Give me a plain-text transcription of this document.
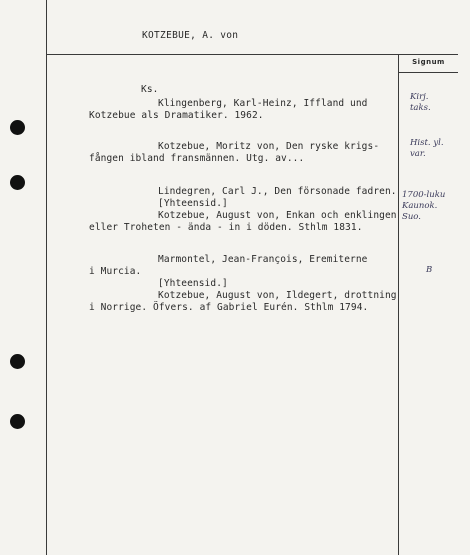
Signum
KOTZEBUE, A. von
Ks.
Klingenberg, Karl-Heinz, Iffland und
Kotzebue als Dramatiker. 1962.
Kotzebue, Moritz von, Den ryske krigs-
fången ibland fransmännen. Utg. av...
Lindegren, Carl J., Den försonade fadren.
[Yhteensid.]
Kotzebue, August von, Enkan och enklingen
eller Troheten - ända - in i döden. Sthlm 1831.
Marmontel, Jean-François, Eremiterne
i Murcia.
[Yhteensid.]
Kotzebue, August von, Ildegert, drottning
i Norrige. Öfvers. af Gabriel Eurén. Sthlm 1794.
Kirj.
taks.
Hist. yl.
var.
1700-luku
Kaunok.
Suo.
B
